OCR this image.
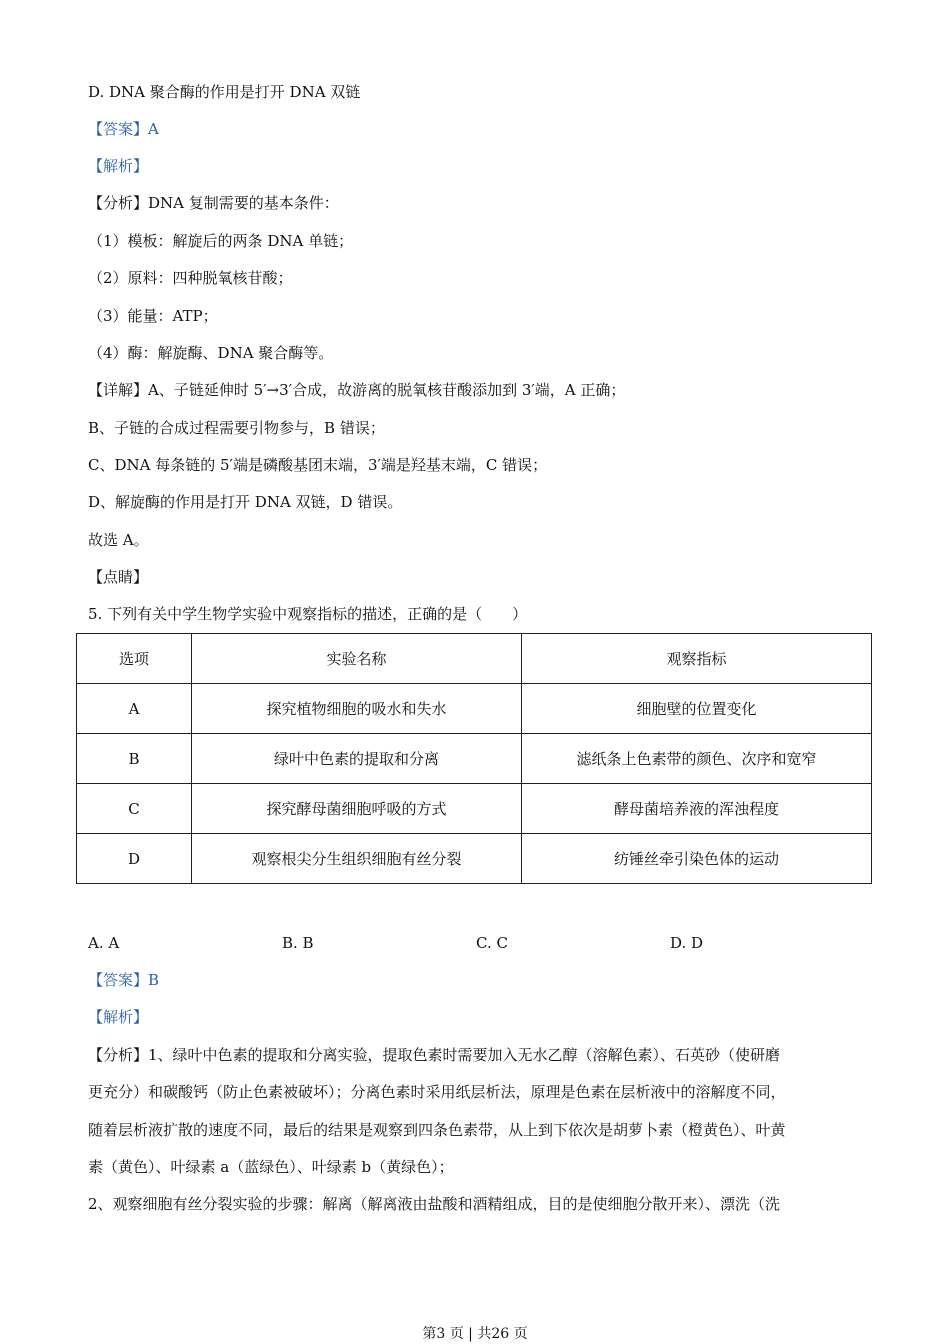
D. DNA 聚合酶的作用是打开 DNA 双链
【答案】A
【解析】
【分析】DNA 复制需要的基本条件：
（1）模板：解旋后的两条 DNA 单链；
（2）原料：四种脱氧核苷酸；
（3）能量：ATP；
（4）酶：解旋酶、DNA 聚合酶等。
【详解】A、子链延伸时 5′→3′合成，故游离的脱氧核苷酸添加到 3′端，A 正确；
B、子链的合成过程需要引物参与，B 错误；
C、DNA 每条链的 5′端是磷酸基团末端，3′端是羟基末端，C 错误；
D、解旋酶的作用是打开 DNA 双链，D 错误。
故选 A。
【点睛】
5. 下列有关中学生物学实验中观察指标的描述，正确的是（　　）
选项	实验名称	观察指标
A	探究植物细胞的吸水和失水	细胞壁的位置变化
B	绿叶中色素的提取和分离	滤纸条上色素带的颜色、次序和宽窄
C	探究酵母菌细胞呼吸的方式	酵母菌培养液的浑浊程度
D	观察根尖分生组织细胞有丝分裂	纺锤丝牵引染色体的运动
A. A	B. B	C. C	D. D
【答案】B
【解析】
【分析】1、绿叶中色素的提取和分离实验，提取色素时需要加入无水乙醇（溶解色素）、石英砂（使研磨
更充分）和碳酸钙（防止色素被破坏）；分离色素时采用纸层析法，原理是色素在层析液中的溶解度不同，
随着层析液扩散的速度不同，最后的结果是观察到四条色素带，从上到下依次是胡萝卜素（橙黄色）、叶黄
素（黄色）、叶绿素 a（蓝绿色）、叶绿素 b（黄绿色）；
2、观察细胞有丝分裂实验的步骤：解离（解离液由盐酸和酒精组成，目的是使细胞分散开来）、漂洗（洗
第3 页 | 共26 页
